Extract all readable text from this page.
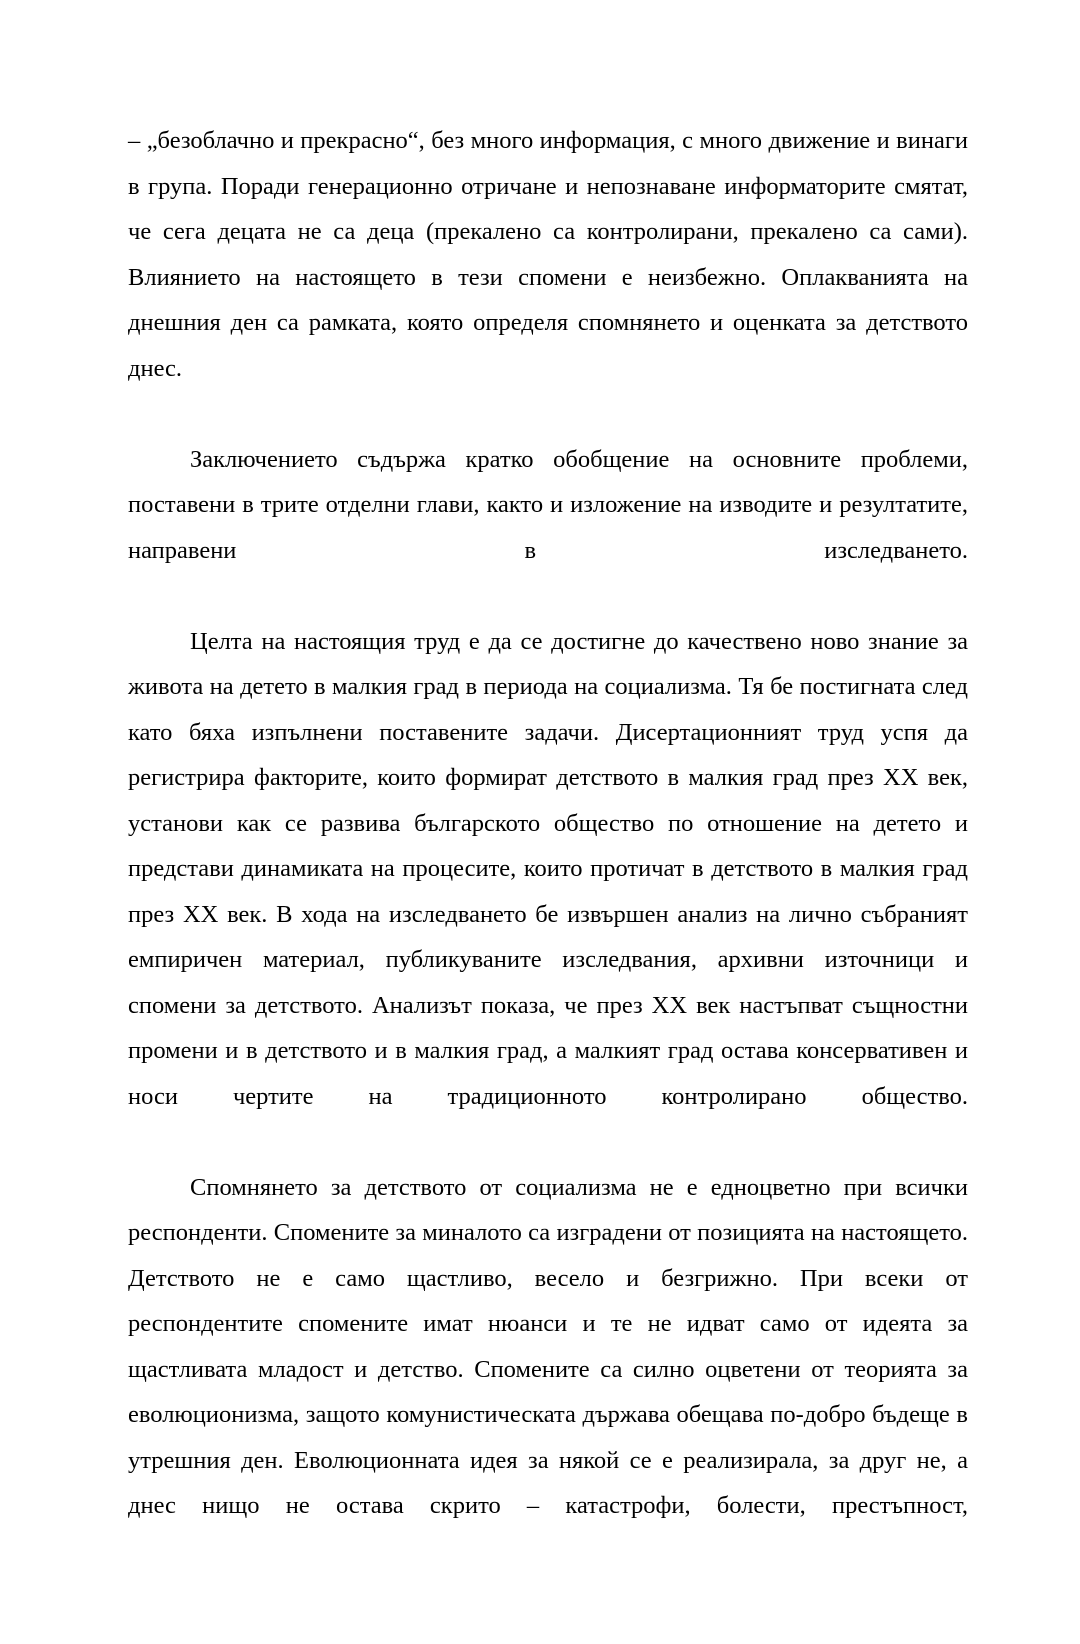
– „безоблачно и прекрасно“, без много информация, с много движение и винаги в група. Поради генерационно отричане и непознаване информаторите смятат, че сега децата не са деца (прекалено са контролирани, прекалено са сами). Влиянието на настоящето в тези спомени е неизбежно. Оплакванията на днешния ден са рамката, която определя спомнянето и оценката за детството днес.

Заключението съдържа кратко обобщение на основните проблеми, поставени в трите отделни глави, както и изложение на изводите и резултатите, направени в изследването.

Целта на настоящия труд е да се достигне до качествено ново знание за живота на детето в малкия град в периода на социализма. Тя бе постигната след като бяха изпълнени поставените задачи. Дисертационният труд успя да регистрира факторите, които формират детството в малкия град през ХХ век, установи как се развива българското общество по отношение на детето и представи динамиката на процесите, които протичат в детството в малкия град през ХХ век. В хода на изследването бе извършен анализ на лично събраният емпиричен материал, публикуваните изследвания, архивни източници и спомени за детството. Анализът показа, че през ХХ век настъпват същностни промени и в детството и в малкия град, а малкият град остава консервативен и носи чертите на традиционното контролирано общество.

Спомнянето за детството от социализма не е едноцветно при всички респонденти. Спомените за миналото са изградени от позицията на настоящето. Детството не е само щастливо, весело и безгрижно. При всеки от респондентите спомените имат нюанси и те не идват само от идеята за щастливата младост и детство. Спомените са силно оцветени от теорията за еволюционизма, защото комунистическата държава обещава по-добро бъдеще в утрешния ден. Еволюционната идея за някой се е реализирала, за друг не, а днес нищо не остава скрито – катастрофи, болести, престъпност,
